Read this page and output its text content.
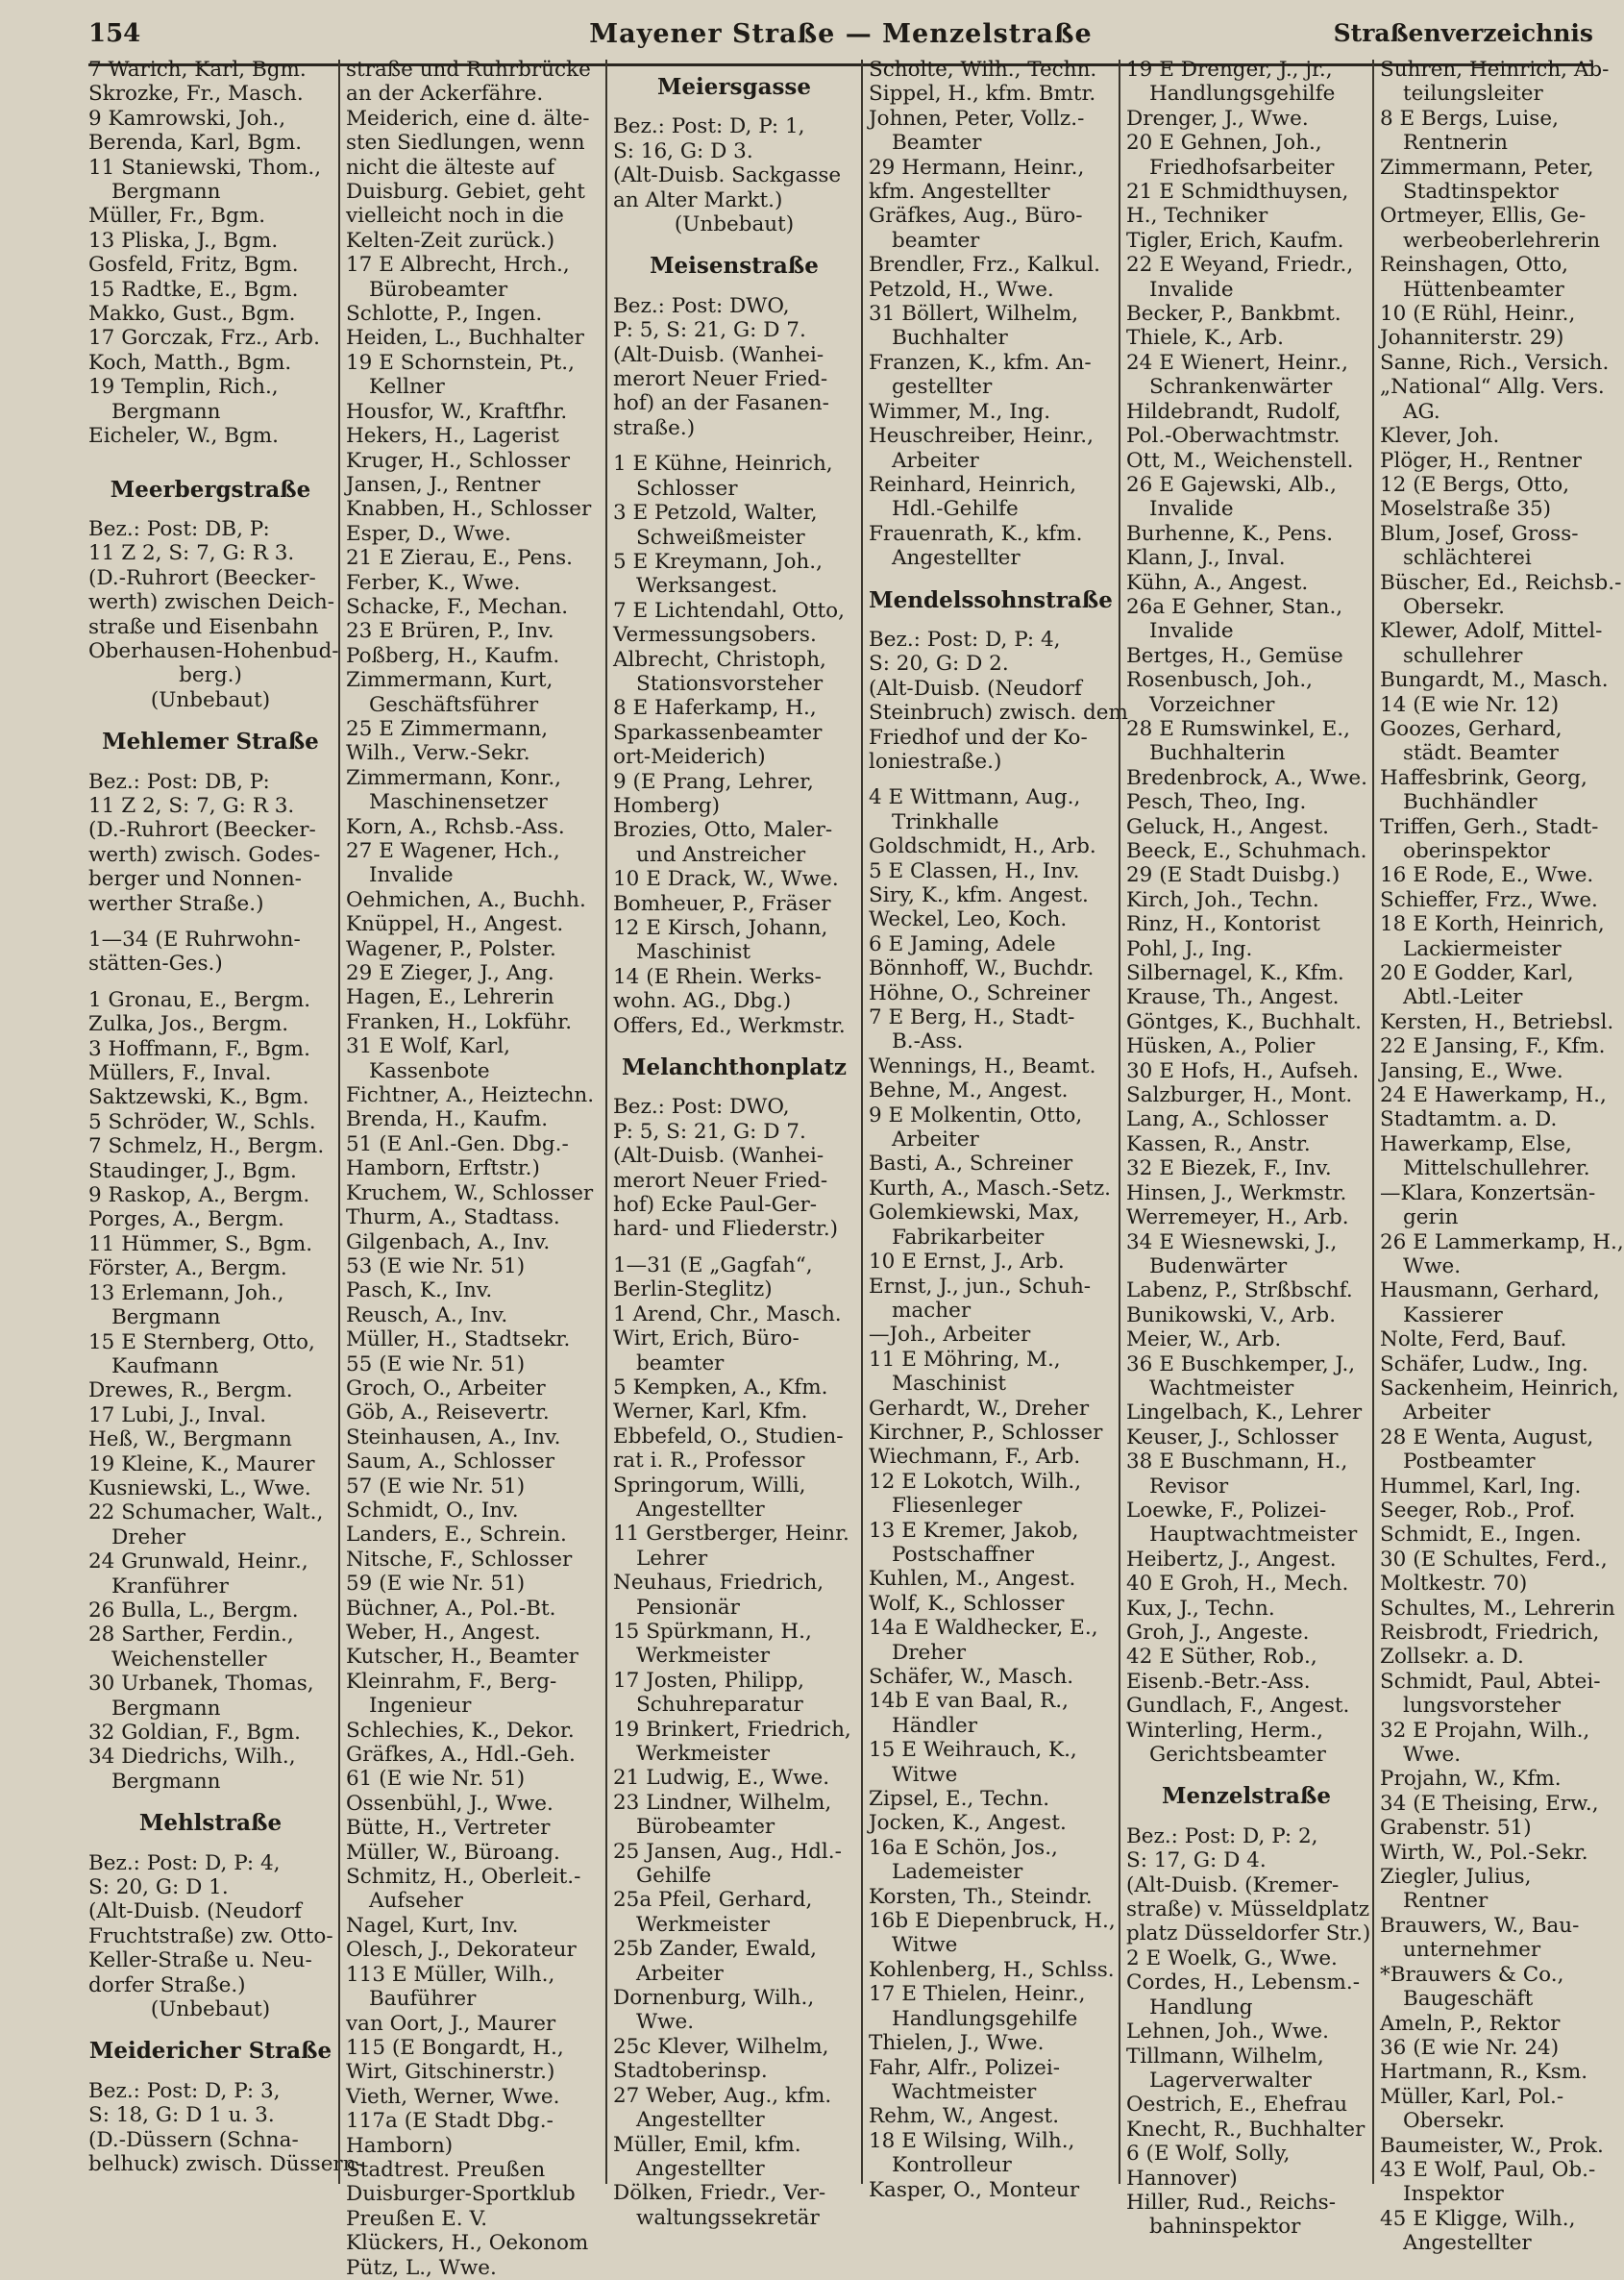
154	Mayener Straße — Menzelstraße	Straßenverzeichnis
7 Warich, Karl, Bgm.
Skrozke, Fr., Masch.
9 Kamrowski, Joh.,
Berenda, Karl, Bgm.
11 Staniewski, Thom.,
Bergmann
Müller, Fr., Bgm.
13 Pliska, J., Bgm.
Gosfeld, Fritz, Bgm.
15 Radtke, E., Bgm.
Makko, Gust., Bgm.
17 Gorczak, Frz., Arb.
Koch, Matth., Bgm.
19 Templin, Rich.,
Bergmann
Eicheler, W., Bgm.
Meerbergstraße
Bez.: Post: DB, P:
11 Z 2, S: 7, G: R 3.
(D.-Ruhrort (Beecker-
werth) zwischen Deich-
straße und Eisenbahn
Oberhausen-Hohenbud-
berg.)
(Unbebaut)
Mehlemer Straße
Bez.: Post: DB, P:
11 Z 2, S: 7, G: R 3.
(D.-Ruhrort (Beecker-
werth) zwisch. Godes-
berger und Nonnen-
werther Straße.)
1—34 (E Ruhrwohn-
stätten-Ges.)
1 Gronau, E., Bergm.
Zulka, Jos., Bergm.
3 Hoffmann, F., Bgm.
Müllers, F., Inval.
Saktzewski, K., Bgm.
5 Schröder, W., Schls.
7 Schmelz, H., Bergm.
Staudinger, J., Bgm.
9 Raskop, A., Bergm.
Porges, A., Bergm.
11 Hümmer, S., Bgm.
Förster, A., Bergm.
13 Erlemann, Joh.,
Bergmann
15 E Sternberg, Otto,
Kaufmann
Drewes, R., Bergm.
17 Lubi, J., Inval.
Heß, W., Bergmann
19 Kleine, K., Maurer
Kusniewski, L., Wwe.
22 Schumacher, Walt.,
Dreher
24 Grunwald, Heinr.,
Kranführer
26 Bulla, L., Bergm.
28 Sarther, Ferdin.,
Weichensteller
30 Urbanek, Thomas,
Bergmann
32 Goldian, F., Bgm.
34 Diedrichs, Wilh.,
Bergmann
Mehlstraße
Bez.: Post: D, P: 4,
S: 20, G: D 1.
(Alt-Duisb. (Neudorf
Fruchtstraße) zw. Otto-
Keller-Straße u. Neu-
dorfer Straße.)
(Unbebaut)
Meidericher Straße
Bez.: Post: D, P: 3,
S: 18, G: D 1 u. 3.
(D.-Düssern (Schna-
belhuck) zwisch. Düssern-
straße und Ruhrbrücke
an der Ackerfähre.
Meiderich, eine d. älte-
sten Siedlungen, wenn
nicht die älteste auf
Duisburg. Gebiet, geht
vielleicht noch in die
Kelten-Zeit zurück.)
17 E Albrecht, Hrch.,
Bürobeamter
Schlotte, P., Ingen.
Heiden, L., Buchhalter
19 E Schornstein, Pt.,
Kellner
Housfor, W., Kraftfhr.
Hekers, H., Lagerist
Kruger, H., Schlosser
Jansen, J., Rentner
Knabben, H., Schlosser
Esper, D., Wwe.
21 E Zierau, E., Pens.
Ferber, K., Wwe.
Schacke, F., Mechan.
23 E Brüren, P., Inv.
Poßberg, H., Kaufm.
Zimmermann, Kurt,
Geschäftsführer
25 E Zimmermann,
Wilh., Verw.-Sekr.
Zimmermann, Konr.,
Maschinensetzer
Korn, A., Rchsb.-Ass.
27 E Wagener, Hch.,
Invalide
Oehmichen, A., Buchh.
Knüppel, H., Angest.
Wagener, P., Polster.
29 E Zieger, J., Ang.
Hagen, E., Lehrerin
Franken, H., Lokführ.
31 E Wolf, Karl,
Kassenbote
Fichtner, A., Heiztechn.
Brenda, H., Kaufm.
51 (E Anl.-Gen. Dbg.-
Hamborn, Erftstr.)
Kruchem, W., Schlosser
Thurm, A., Stadtass.
Gilgenbach, A., Inv.
53 (E wie Nr. 51)
Pasch, K., Inv.
Reusch, A., Inv.
Müller, H., Stadtsekr.
55 (E wie Nr. 51)
Groch, O., Arbeiter
Göb, A., Reisevertr.
Steinhausen, A., Inv.
Saum, A., Schlosser
57 (E wie Nr. 51)
Schmidt, O., Inv.
Landers, E., Schrein.
Nitsche, F., Schlosser
59 (E wie Nr. 51)
Büchner, A., Pol.-Bt.
Weber, H., Angest.
Kutscher, H., Beamter
Kleinrahm, F., Berg-
Ingenieur
Schlechies, K., Dekor.
Gräfkes, A., Hdl.-Geh.
61 (E wie Nr. 51)
Ossenbühl, J., Wwe.
Bütte, H., Vertreter
Müller, W., Büroang.
Schmitz, H., Oberleit.-
Aufseher
Nagel, Kurt, Inv.
Olesch, J., Dekorateur
113 E Müller, Wilh.,
Bauführer
van Oort, J., Maurer
115 (E Bongardt, H.,
Wirt, Gitschinerstr.)
Vieth, Werner, Wwe.
117a (E Stadt Dbg.-
Hamborn)
Stadtrest. Preußen
Duisburger-Sportklub
Preußen E. V.
Klückers, H., Oekonom
Pütz, L., Wwe.
Meiersgasse
Bez.: Post: D, P: 1,
S: 16, G: D 3.
(Alt-Duisb. Sackgasse
an Alter Markt.)
(Unbebaut)
Meisenstraße
Bez.: Post: DWO,
P: 5, S: 21, G: D 7.
(Alt-Duisb. (Wanhei-
merort Neuer Fried-
hof) an der Fasanen-
straße.)
1 E Kühne, Heinrich,
Schlosser
3 E Petzold, Walter,
Schweißmeister
5 E Kreymann, Joh.,
Werksangest.
7 E Lichtendahl, Otto,
Vermessungsobers.
Albrecht, Christoph,
Stationsvorsteher
8 E Haferkamp, H.,
Sparkassenbeamter
ort-Meiderich)
9 (E Prang, Lehrer,
Homberg)
Brozies, Otto, Maler-
und Anstreicher
10 E Drack, W., Wwe.
Bomheuer, P., Fräser
12 E Kirsch, Johann,
Maschinist
14 (E Rhein. Werks-
wohn. AG., Dbg.)
Offers, Ed., Werkmstr.
Melanchthonplatz
Bez.: Post: DWO,
P: 5, S: 21, G: D 7.
(Alt-Duisb. (Wanhei-
merort Neuer Fried-
hof) Ecke Paul-Ger-
hard- und Fliederstr.)
1—31 (E „Gagfah“,
Berlin-Steglitz)
1 Arend, Chr., Masch.
Wirt, Erich, Büro-
beamter
5 Kempken, A., Kfm.
Werner, Karl, Kfm.
Ebbefeld, O., Studien-
rat i. R., Professor
Springorum, Willi,
Angestellter
11 Gerstberger, Heinr.
Lehrer
Neuhaus, Friedrich,
Pensionär
15 Spürkmann, H.,
Werkmeister
17 Josten, Philipp,
Schuhreparatur
19 Brinkert, Friedrich,
Werkmeister
21 Ludwig, E., Wwe.
23 Lindner, Wilhelm,
Bürobeamter
25 Jansen, Aug., Hdl.-
Gehilfe
25a Pfeil, Gerhard,
Werkmeister
25b Zander, Ewald,
Arbeiter
Dornenburg, Wilh.,
Wwe.
25c Klever, Wilhelm,
Stadtoberinsp.
27 Weber, Aug., kfm.
Angestellter
Müller, Emil, kfm.
Angestellter
Dölken, Friedr., Ver-
waltungssekretär
Scholte, Wilh., Techn.
Sippel, H., kfm. Bmtr.
Johnen, Peter, Vollz.-
Beamter
29 Hermann, Heinr.,
kfm. Angestellter
Gräfkes, Aug., Büro-
beamter
Brendler, Frz., Kalkul.
Petzold, H., Wwe.
31 Böllert, Wilhelm,
Buchhalter
Franzen, K., kfm. An-
gestellter
Wimmer, M., Ing.
Heuschreiber, Heinr.,
Arbeiter
Reinhard, Heinrich,
Hdl.-Gehilfe
Frauenrath, K., kfm.
Angestellter
Mendelssohnstraße
Bez.: Post: D, P: 4,
S: 20, G: D 2.
(Alt-Duisb. (Neudorf
Steinbruch) zwisch. dem
Friedhof und der Ko-
loniestraße.)
4 E Wittmann, Aug.,
Trinkhalle
Goldschmidt, H., Arb.
5 E Classen, H., Inv.
Siry, K., kfm. Angest.
Weckel, Leo, Koch.
6 E Jaming, Adele
Bönnhoff, W., Buchdr.
Höhne, O., Schreiner
7 E Berg, H., Stadt-
B.-Ass.
Wennings, H., Beamt.
Behne, M., Angest.
9 E Molkentin, Otto,
Arbeiter
Basti, A., Schreiner
Kurth, A., Masch.-Setz.
Golemkiewski, Max,
Fabrikarbeiter
10 E Ernst, J., Arb.
Ernst, J., jun., Schuh-
macher
—Joh., Arbeiter
11 E Möhring, M.,
Maschinist
Gerhardt, W., Dreher
Kirchner, P., Schlosser
Wiechmann, F., Arb.
12 E Lokotch, Wilh.,
Fliesenleger
13 E Kremer, Jakob,
Postschaffner
Kuhlen, M., Angest.
Wolf, K., Schlosser
14a E Waldhecker, E.,
Dreher
Schäfer, W., Masch.
14b E van Baal, R.,
Händler
15 E Weihrauch, K.,
Witwe
Zipsel, E., Techn.
Jocken, K., Angest.
16a E Schön, Jos.,
Lademeister
Korsten, Th., Steindr.
16b E Diepenbruck, H.,
Witwe
Kohlenberg, H., Schlss.
17 E Thielen, Heinr.,
Handlungsgehilfe
Thielen, J., Wwe.
Fahr, Alfr., Polizei-
Wachtmeister
Rehm, W., Angest.
18 E Wilsing, Wilh.,
Kontrolleur
Kasper, O., Monteur
19 E Drenger, J., jr.,
Handlungsgehilfe
Drenger, J., Wwe.
20 E Gehnen, Joh.,
Friedhofsarbeiter
21 E Schmidthuysen,
H., Techniker
Tigler, Erich, Kaufm.
22 E Weyand, Friedr.,
Invalide
Becker, P., Bankbmt.
Thiele, K., Arb.
24 E Wienert, Heinr.,
Schrankenwärter
Hildebrandt, Rudolf,
Pol.-Oberwachtmstr.
Ott, M., Weichenstell.
26 E Gajewski, Alb.,
Invalide
Burhenne, K., Pens.
Klann, J., Inval.
Kühn, A., Angest.
26a E Gehner, Stan.,
Invalide
Bertges, H., Gemüse
Rosenbusch, Joh.,
Vorzeichner
28 E Rumswinkel, E.,
Buchhalterin
Bredenbrock, A., Wwe.
Pesch, Theo, Ing.
Geluck, H., Angest.
Beeck, E., Schuhmach.
29 (E Stadt Duisbg.)
Kirch, Joh., Techn.
Rinz, H., Kontorist
Pohl, J., Ing.
Silbernagel, K., Kfm.
Krause, Th., Angest.
Göntges, K., Buchhalt.
Hüsken, A., Polier
30 E Hofs, H., Aufseh.
Salzburger, H., Mont.
Lang, A., Schlosser
Kassen, R., Anstr.
32 E Biezek, F., Inv.
Hinsen, J., Werkmstr.
Werremeyer, H., Arb.
34 E Wiesnewski, J.,
Budenwärter
Labenz, P., Strßbschf.
Bunikowski, V., Arb.
Meier, W., Arb.
36 E Buschkemper, J.,
Wachtmeister
Lingelbach, K., Lehrer
Keuser, J., Schlosser
38 E Buschmann, H.,
Revisor
Loewke, F., Polizei-
Hauptwachtmeister
Heibertz, J., Angest.
40 E Groh, H., Mech.
Kux, J., Techn.
Groh, J., Angeste.
42 E Süther, Rob.,
Eisenb.-Betr.-Ass.
Gundlach, F., Angest.
Winterling, Herm.,
Gerichtsbeamter
Menzelstraße
Bez.: Post: D, P: 2,
S: 17, G: D 4.
(Alt-Duisb. (Kremer-
straße) v. Müsseldplatz
platz Düsseldorfer Str.)
2 E Woelk, G., Wwe.
Cordes, H., Lebensm.-
Handlung
Lehnen, Joh., Wwe.
Tillmann, Wilhelm,
Lagerverwalter
Oestrich, E., Ehefrau
Knecht, R., Buchhalter
6 (E Wolf, Solly,
Hannover)
Hiller, Rud., Reichs-
bahninspektor
Suhren, Heinrich, Ab-
teilungsleiter
8 E Bergs, Luise,
Rentnerin
Zimmermann, Peter,
Stadtinspektor
Ortmeyer, Ellis, Ge-
werbeoberlehrerin
Reinshagen, Otto,
Hüttenbeamter
10 (E Rühl, Heinr.,
Johanniterstr. 29)
Sanne, Rich., Versich.
„National“ Allg. Vers.
AG.
Klever, Joh.
Plöger, H., Rentner
12 (E Bergs, Otto,
Moselstraße 35)
Blum, Josef, Gross-
schlächterei
Büscher, Ed., Reichsb.-
Obersekr.
Klewer, Adolf, Mittel-
schullehrer
Bungardt, M., Masch.
14 (E wie Nr. 12)
Goozes, Gerhard,
städt. Beamter
Haffesbrink, Georg,
Buchhändler
Triffen, Gerh., Stadt-
oberinspektor
16 E Rode, E., Wwe.
Schieffer, Frz., Wwe.
18 E Korth, Heinrich,
Lackiermeister
20 E Godder, Karl,
Abtl.-Leiter
Kersten, H., Betriebsl.
22 E Jansing, F., Kfm.
Jansing, E., Wwe.
24 E Hawerkamp, H.,
Stadtamtm. a. D.
Hawerkamp, Else,
Mittelschullehrer.
—Klara, Konzertsän-
gerin
26 E Lammerkamp, H.,
Wwe.
Hausmann, Gerhard,
Kassierer
Nolte, Ferd, Bauf.
Schäfer, Ludw., Ing.
Sackenheim, Heinrich,
Arbeiter
28 E Wenta, August,
Postbeamter
Hummel, Karl, Ing.
Seeger, Rob., Prof.
Schmidt, E., Ingen.
30 (E Schultes, Ferd.,
Moltkestr. 70)
Schultes, M., Lehrerin
Reisbrodt, Friedrich,
Zollsekr. a. D.
Schmidt, Paul, Abtei-
lungsvorsteher
32 E Projahn, Wilh.,
Wwe.
Projahn, W., Kfm.
34 (E Theising, Erw.,
Grabenstr. 51)
Wirth, W., Pol.-Sekr.
Ziegler, Julius,
Rentner
Brauwers, W., Bau-
unternehmer
*Brauwers & Co.,
Baugeschäft
Ameln, P., Rektor
36 (E wie Nr. 24)
Hartmann, R., Ksm.
Müller, Karl, Pol.-
Obersekr.
Baumeister, W., Prok.
43 E Wolf, Paul, Ob.-
Inspektor
45 E Kligge, Wilh.,
Angestellter
